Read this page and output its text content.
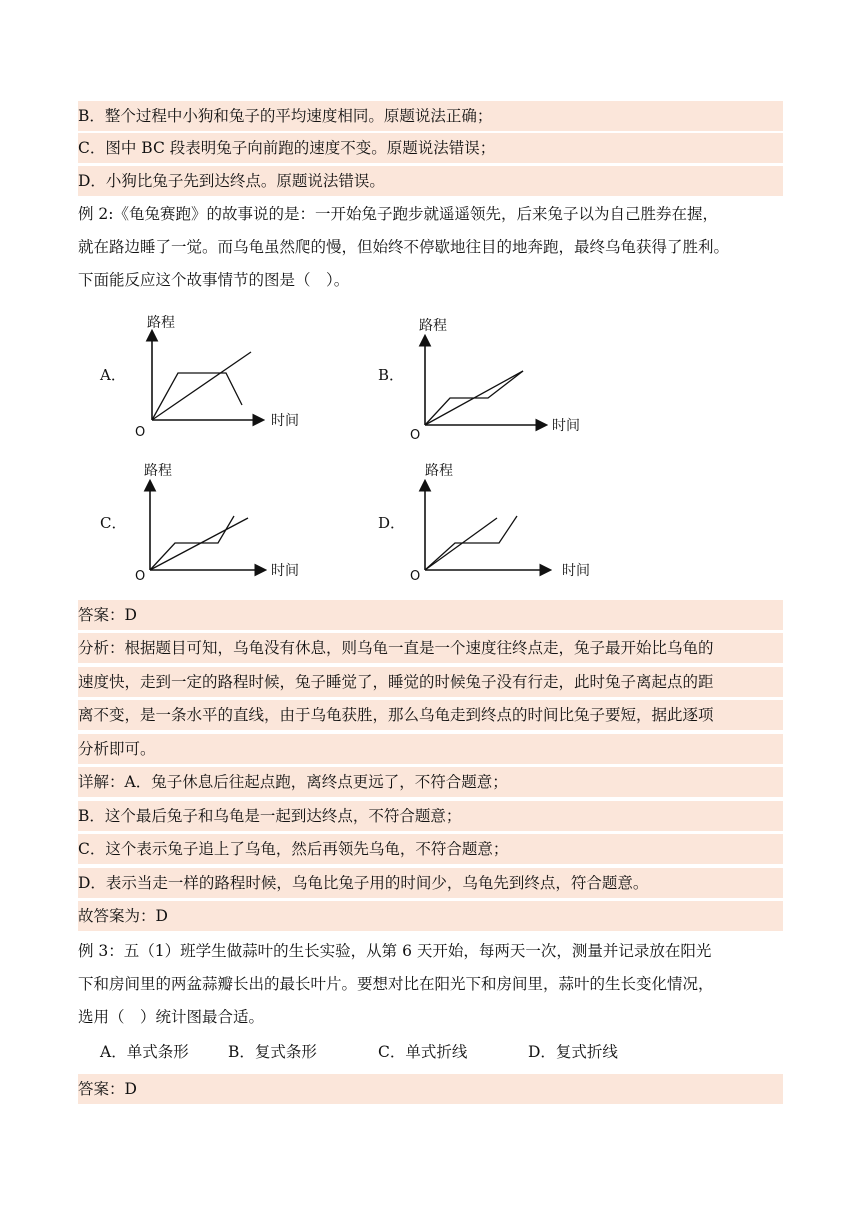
B．整个过程中小狗和兔子的平均速度相同。原题说法正确；
C．图中 BC 段表明兔子向前跑的速度不变。原题说法错误；
D．小狗比兔子先到达终点。原题说法错误。
例 2:《龟兔赛跑》的故事说的是：一开始兔子跑步就遥遥领先，后来兔子以为自己胜券在握，
就在路边睡了一觉。而乌龟虽然爬的慢，但始终不停歇地往目的地奔跑，最终乌龟获得了胜利。
下面能反应这个故事情节的图是（　）。
A．	B．
C．	D．
路程
时间
O
路程
时间
O
路程
时间
O
路程
时间
O
答案：D
分析：根据题目可知，乌龟没有休息，则乌龟一直是一个速度往终点走，兔子最开始比乌龟的
速度快，走到一定的路程时候，兔子睡觉了，睡觉的时候兔子没有行走，此时兔子离起点的距
离不变，是一条水平的直线，由于乌龟获胜，那么乌龟走到终点的时间比兔子要短，据此逐项
分析即可。
详解：A．兔子休息后往起点跑，离终点更远了，不符合题意；
B．这个最后兔子和乌龟是一起到达终点，不符合题意；
C．这个表示兔子追上了乌龟，然后再领先乌龟，不符合题意；
D．表示当走一样的路程时候，乌龟比兔子用的时间少，乌龟先到终点，符合题意。
故答案为：D
例 3：五（1）班学生做蒜叶的生长实验，从第 6 天开始，每两天一次，测量并记录放在阳光
下和房间里的两盆蒜瓣长出的最长叶片。要想对比在阳光下和房间里，蒜叶的生长变化情况，
选用（　）统计图最合适。
A．单式条形	B．复式条形	C．单式折线	D．复式折线
答案：D
